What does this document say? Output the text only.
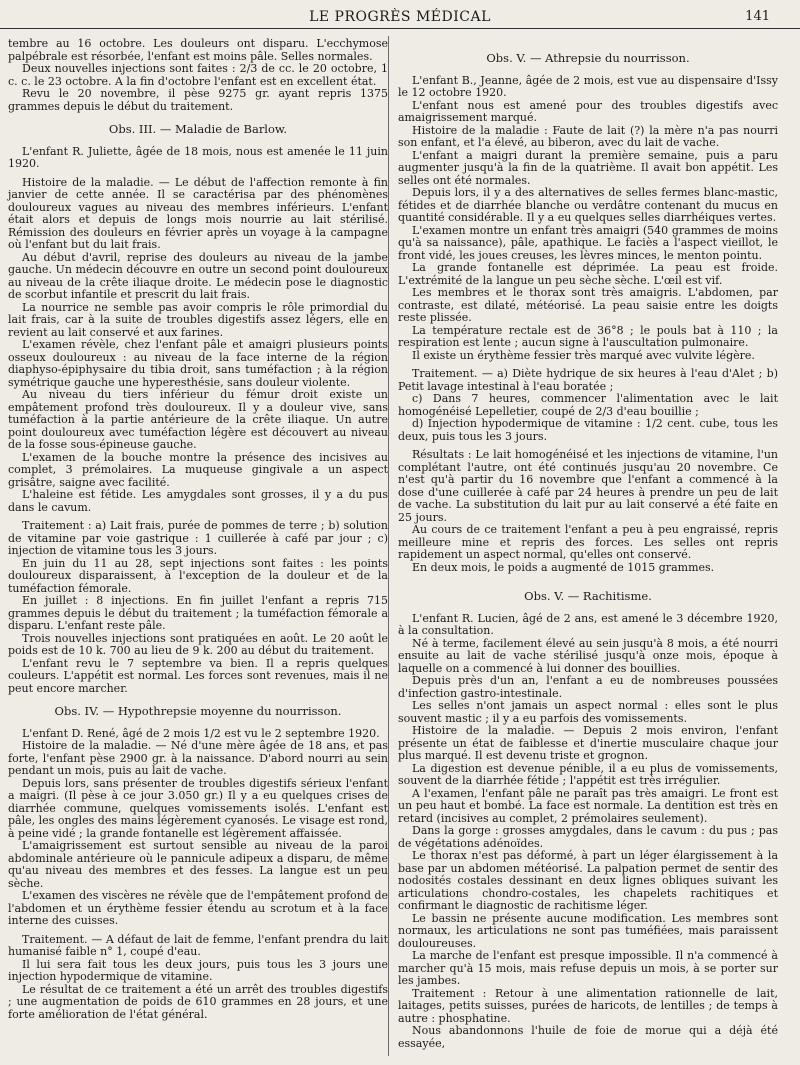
LE PROGRÈS MÉDICAL	141

tembre au 16 octobre. Les douleurs ont disparu. L'ecchymose palpébrale est résorbée, l'enfant est moins pâle. Selles normales.

Deux nouvelles injections sont faites : 2/3 de cc. le 20 octobre, 1 c. c. le 23 octobre. A la fin d'octobre l'enfant est en excellent état.

Revu le 20 novembre, il pèse 9275 gr. ayant repris 1375 grammes depuis le début du traitement.

Obs. III. — Maladie de Barlow.

L'enfant R. Juliette, âgée de 18 mois, nous est amenée le 11 juin 1920.

Histoire de la maladie. — Le début de l'affection remonte à fin janvier de cette année. Il se caractérisa par des phénomènes douloureux vagues au niveau des membres inférieurs. L'enfant était alors et depuis de longs mois nourrie au lait stérilisé. Rémission des douleurs en février après un voyage à la campagne où l'enfant but du lait frais.

Au début d'avril, reprise des douleurs au niveau de la jambe gauche. Un médecin découvre en outre un second point douloureux au niveau de la crête iliaque droite. Le médecin pose le diagnostic de scorbut infantile et prescrit du lait frais.

La nourrice ne semble pas avoir compris le rôle primordial du lait frais, car à la suite de troubles digestifs assez légers, elle en revient au lait conservé et aux farines.

L'examen révèle, chez l'enfant pâle et amaigri plusieurs points osseux douloureux : au niveau de la face interne de la région diaphyso-épiphysaire du tibia droit, sans tuméfaction ; à la région symétrique gauche une hyperesthésie, sans douleur violente.

Au niveau du tiers inférieur du fémur droit existe un empâtement profond très douloureux. Il y a douleur vive, sans tuméfaction à la partie antérieure de la crête iliaque. Un autre point douloureux avec tuméfaction légère est découvert au niveau de la fosse sous-épineuse gauche.

L'examen de la bouche montre la présence des incisives au complet, 3 prémolaires. La muqueuse gingivale a un aspect grisâtre, saigne avec facilité.

L'haleine est fétide. Les amygdales sont grosses, il y a du pus dans le cavum.

Traitement : a) Lait frais, purée de pommes de terre ; b) solution de vitamine par voie gastrique : 1 cuillerée à café par jour ; c) injection de vitamine tous les 3 jours.

En juin du 11 au 28, sept injections sont faites : les points douloureux disparaissent, à l'exception de la douleur et de la tuméfaction fémorale.

En juillet : 8 injections. En fin juillet l'enfant a repris 715 grammes depuis le début du traitement ; la tuméfaction fémorale a disparu. L'enfant reste pâle.

Trois nouvelles injections sont pratiquées en août. Le 20 août le poids est de 10 k. 700 au lieu de 9 k. 200 au début du traitement.

L'enfant revu le 7 septembre va bien. Il a repris quelques couleurs. L'appétit est normal. Les forces sont revenues, mais il ne peut encore marcher.

Obs. IV. — Hypothrepsie moyenne du nourrisson.

L'enfant D. René, âgé de 2 mois 1/2 est vu le 2 septembre 1920.

Histoire de la maladie. — Né d'une mère âgée de 18 ans, et pas forte, l'enfant pèse 2900 gr. à la naissance. D'abord nourri au sein pendant un mois, puis au lait de vache.

Depuis lors, sans présenter de troubles digestifs sérieux l'enfant a maigri. (Il pèse à ce jour 3.050 gr.) Il y a eu quelques crises de diarrhée commune, quelques vomissements isolés. L'enfant est pâle, les ongles des mains légèrement cyanosés. Le visage est rond, à peine vidé ; la grande fontanelle est légèrement affaissée.

L'amaigrissement est surtout sensible au niveau de la paroi abdominale antérieure où le pannicule adipeux a disparu, de même qu'au niveau des membres et des fesses. La langue est un peu sèche.

L'examen des viscères ne révèle que de l'empâtement profond de l'abdomen et un érythème fessier étendu au scrotum et à la face interne des cuisses.

Traitement. — A défaut de lait de femme, l'enfant prendra du lait humanisé faible n° 1, coupé d'eau.

Il lui sera fait tous les deux jours, puis tous les 3 jours une injection hypodermique de vitamine.

Le résultat de ce traitement a été un arrêt des troubles digestifs ; une augmentation de poids de 610 grammes en 28 jours, et une forte amélioration de l'état général.

Obs. V. — Athrepsie du nourrisson.

L'enfant B., Jeanne, âgée de 2 mois, est vue au dispensaire d'Issy le 12 octobre 1920.

L'enfant nous est amené pour des troubles digestifs avec amaigrissement marqué.

Histoire de la maladie : Faute de lait (?) la mère n'a pas nourri son enfant, et l'a élevé, au biberon, avec du lait de vache.

L'enfant a maigri durant la première semaine, puis a paru augmenter jusqu'à la fin de la quatrième. Il avait bon appétit. Les selles ont été normales.

Depuis lors, il y a des alternatives de selles fermes blanc-mastic, fétides et de diarrhée blanche ou verdâtre contenant du mucus en quantité considérable. Il y a eu quelques selles diarrhéiques vertes.

L'examen montre un enfant très amaigri (540 grammes de moins qu'à sa naissance), pâle, apathique. Le faciès a l'aspect vieillot, le front vidé, les joues creuses, les lèvres minces, le menton pointu.

La grande fontanelle est déprimée. La peau est froide. L'extrémité de la langue un peu sèche sèche. L'œil est vif.

Les membres et le thorax sont très amaigris. L'abdomen, par contraste, est dilaté, météorisé. La peau saisie entre les doigts reste plissée.

La température rectale est de 36°8 ; le pouls bat à 110 ; la respiration est lente ; aucun signe à l'auscultation pulmonaire.

Il existe un érythème fessier très marqué avec vulvite légère.

Traitement. — a) Diète hydrique de six heures à l'eau d'Alet ; b) Petit lavage intestinal à l'eau boratée ;

c) Dans 7 heures, commencer l'alimentation avec le lait homogénéisé Lepelletier, coupé de 2/3 d'eau bouillie ;

d) Injection hypodermique de vitamine : 1/2 cent. cube, tous les deux, puis tous les 3 jours.

Résultats : Le lait homogénéisé et les injections de vitamine, l'un complétant l'autre, ont été continués jusqu'au 20 novembre. Ce n'est qu'à partir du 16 novembre que l'enfant a commencé à la dose d'une cuillerée à café par 24 heures à prendre un peu de lait de vache. La substitution du lait pur au lait conservé a été faite en 25 jours.

Au cours de ce traitement l'enfant a peu à peu engraissé, repris meilleure mine et repris des forces. Les selles ont repris rapidement un aspect normal, qu'elles ont conservé.

En deux mois, le poids a augmenté de 1015 grammes.

Obs. V. — Rachitisme.

L'enfant R. Lucien, âgé de 2 ans, est amené le 3 décembre 1920, à la consultation.

Né à terme, facilement élevé au sein jusqu'à 8 mois, a été nourri ensuite au lait de vache stérilisé jusqu'à onze mois, époque à laquelle on a commencé à lui donner des bouillies.

Depuis près d'un an, l'enfant a eu de nombreuses poussées d'infection gastro-intestinale.

Les selles n'ont jamais un aspect normal : elles sont le plus souvent mastic ; il y a eu parfois des vomissements.

Histoire de la maladie. — Depuis 2 mois environ, l'enfant présente un état de faiblesse et d'inertie musculaire chaque jour plus marqué. Il est devenu triste et grognon.

La digestion est devenue pénible, il a eu plus de vomissements, souvent de la diarrhée fétide ; l'appétit est très irrégulier.

A l'examen, l'enfant pâle ne paraît pas très amaigri. Le front est un peu haut et bombé. La face est normale. La dentition est très en retard (incisives au complet, 2 prémolaires seulement).

Dans la gorge : grosses amygdales, dans le cavum : du pus ; pas de végétations adénoïdes.

Le thorax n'est pas déformé, à part un léger élargissement à la base par un abdomen météorisé. La palpation permet de sentir des nodosités costales dessinant en deux lignes obliques suivant les articulations chondro-costales, les chapelets rachitiques et confirmant le diagnostic de rachitisme léger.

Le bassin ne présente aucune modification. Les membres sont normaux, les articulations ne sont pas tuméfiées, mais paraissent douloureuses.

La marche de l'enfant est presque impossible. Il n'a commencé à marcher qu'à 15 mois, mais refuse depuis un mois, à se porter sur les jambes.

Traitement : Retour à une alimentation rationnelle de lait, laitages, petits suisses, purées de haricots, de lentilles ; de temps à autre : phosphatine.

Nous abandonnons l'huile de foie de morue qui a déjà été essayée,
